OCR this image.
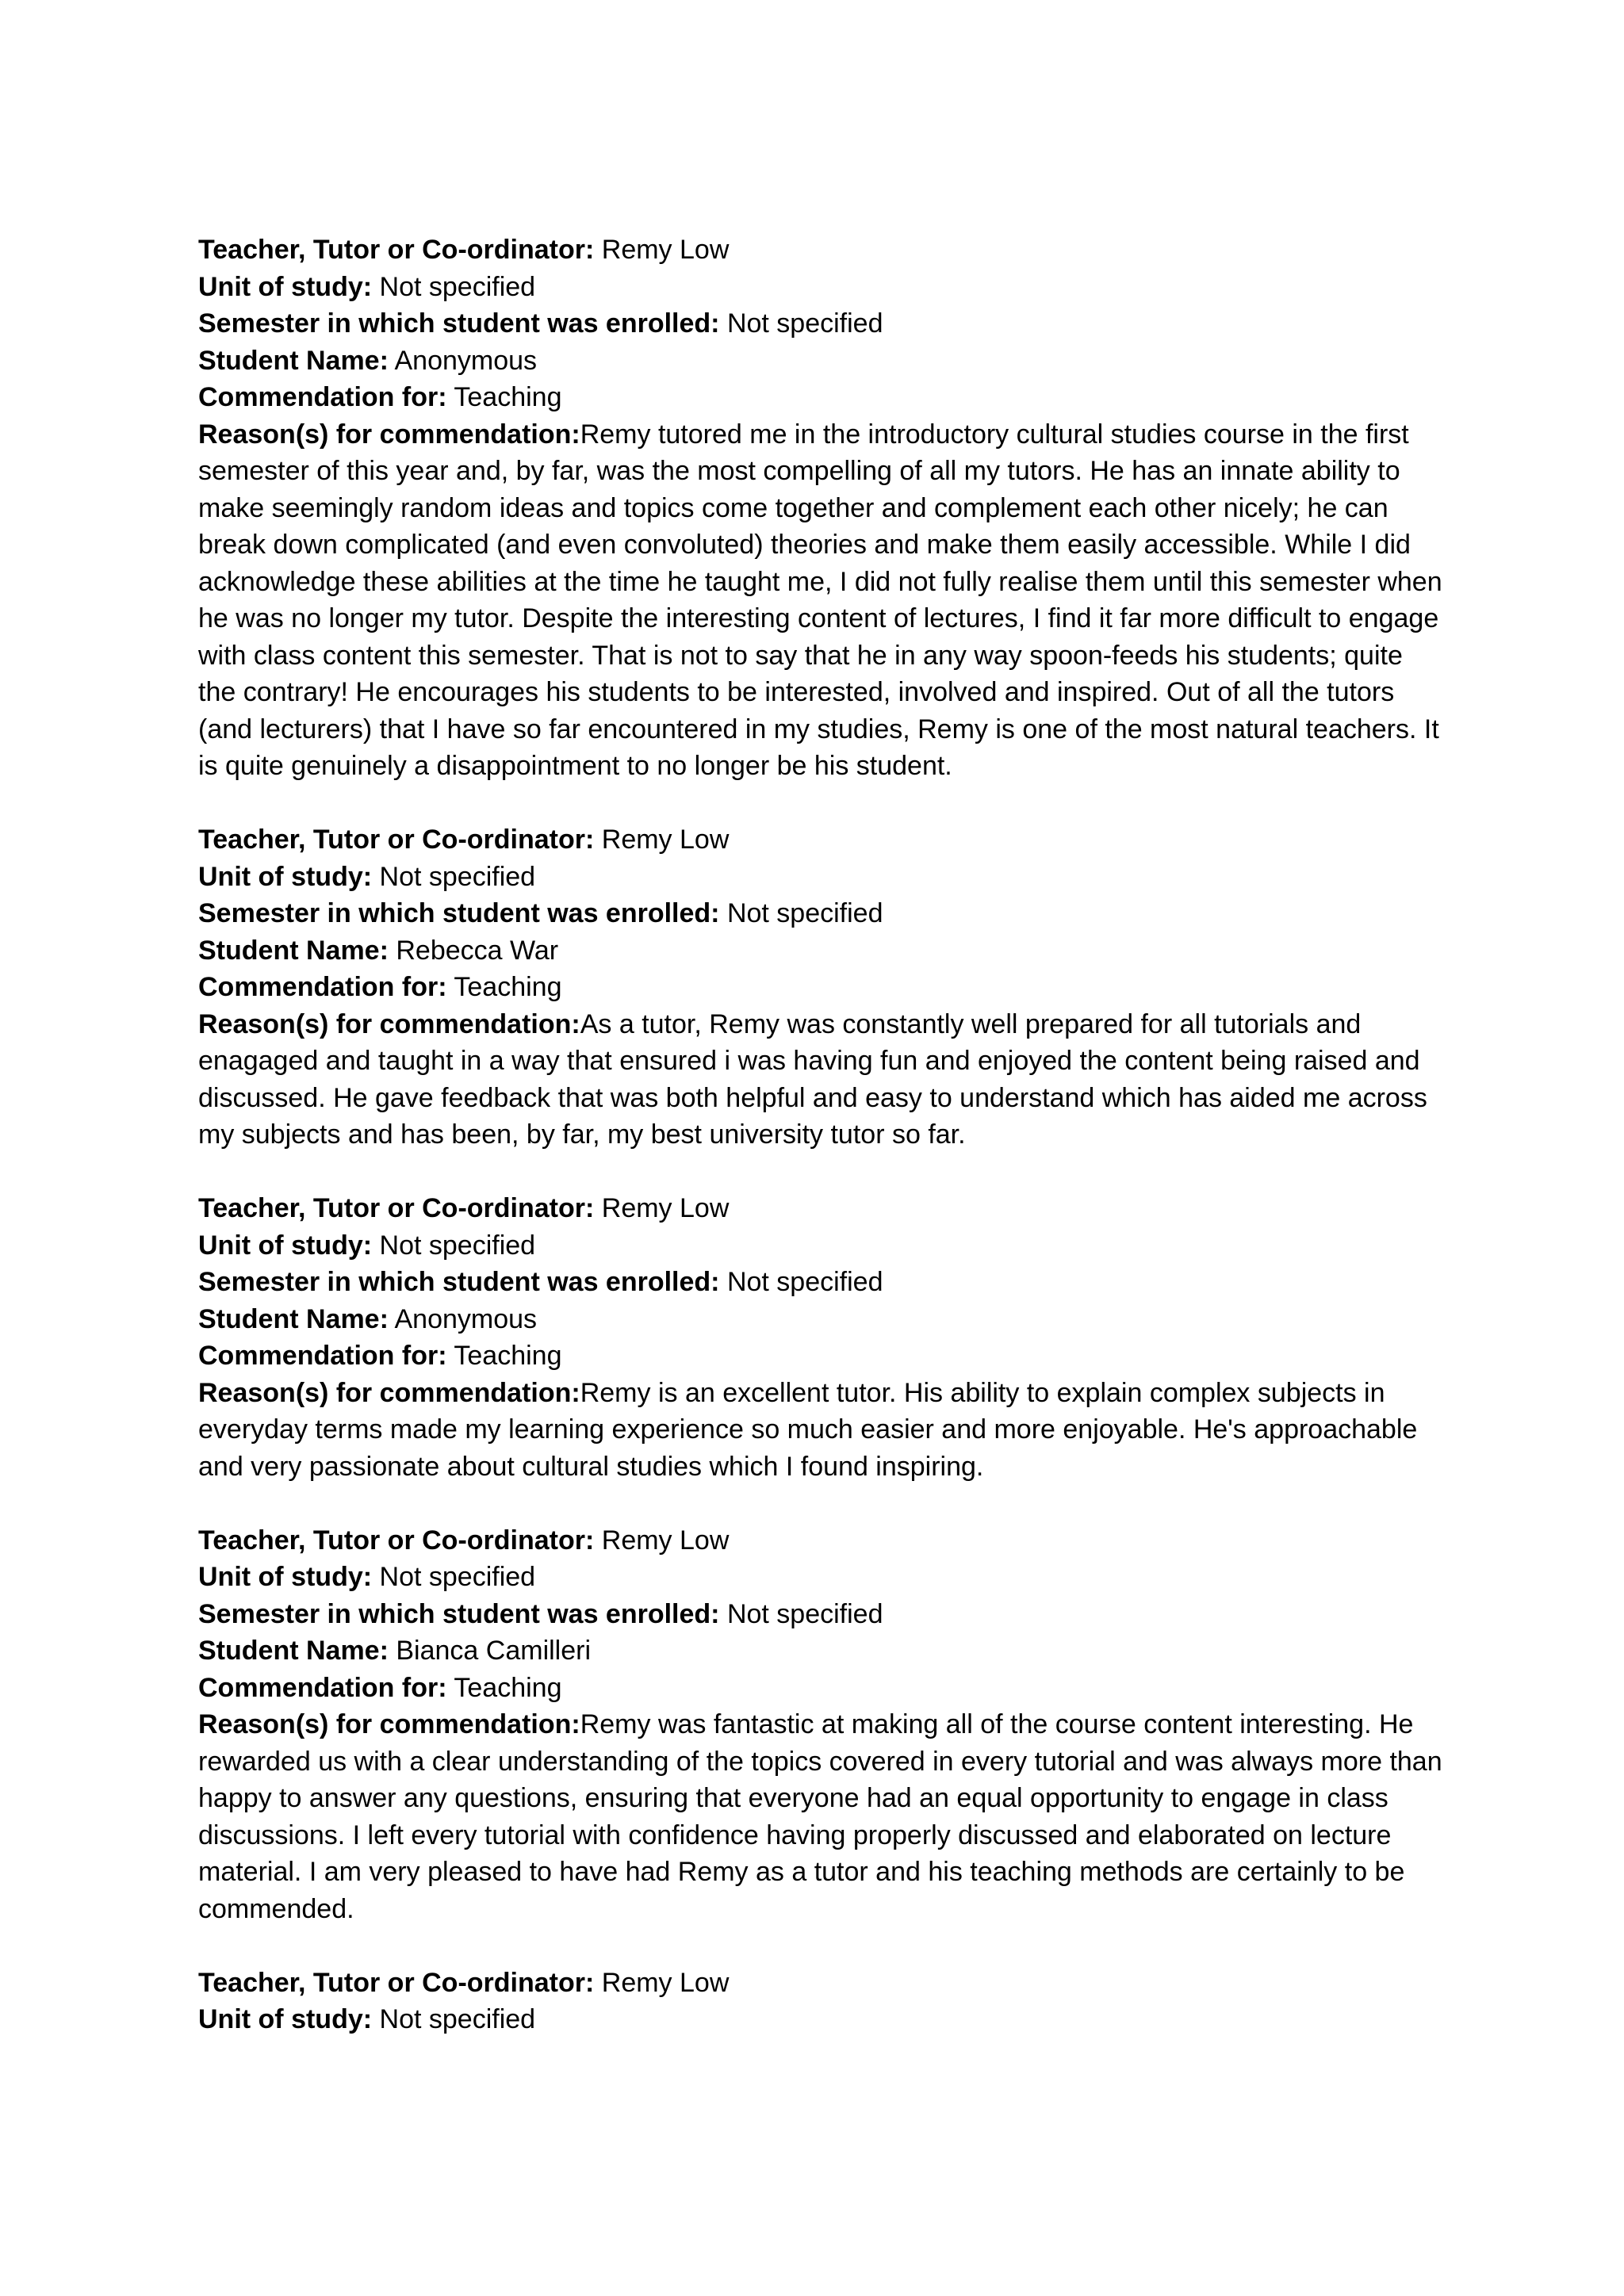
Teacher, Tutor or Co-ordinator: Remy Low
Unit of study: Not specified
Semester in which student was enrolled: Not specified
Student Name: Anonymous
Commendation for: Teaching
Reason(s) for commendation:Remy tutored me in the introductory cultural studies course in the first semester of this year and, by far, was the most compelling of all my tutors. He has an innate ability to make seemingly random ideas and topics come together and complement each other nicely; he can break down complicated (and even convoluted) theories and make them easily accessible. While I did acknowledge these abilities at the time he taught me, I did not fully realise them until this semester when he was no longer my tutor. Despite the interesting content of lectures, I find it far more difficult to engage with class content this semester. That is not to say that he in any way spoon-feeds his students; quite the contrary! He encourages his students to be interested, involved and inspired. Out of all the tutors (and lecturers) that I have so far encountered in my studies, Remy is one of the most natural teachers. It is quite genuinely a disappointment to no longer be his student.
Teacher, Tutor or Co-ordinator: Remy Low
Unit of study: Not specified
Semester in which student was enrolled: Not specified
Student Name: Rebecca War
Commendation for: Teaching
Reason(s) for commendation:As a tutor, Remy was constantly well prepared for all tutorials and enagaged and taught in a way that ensured i was having fun and enjoyed the content being raised and discussed. He gave feedback that was both helpful and easy to understand which has aided me across my subjects and has been, by far, my best university tutor so far.
Teacher, Tutor or Co-ordinator: Remy Low
Unit of study: Not specified
Semester in which student was enrolled: Not specified
Student Name: Anonymous
Commendation for: Teaching
Reason(s) for commendation:Remy is an excellent tutor. His ability to explain complex subjects in everyday terms made my learning experience so much easier and more enjoyable. He's approachable and very passionate about cultural studies which I found inspiring.
Teacher, Tutor or Co-ordinator: Remy Low
Unit of study: Not specified
Semester in which student was enrolled: Not specified
Student Name: Bianca Camilleri
Commendation for: Teaching
Reason(s) for commendation:Remy was fantastic at making all of the course content interesting. He rewarded us with a clear understanding of the topics covered in every tutorial and was always more than happy to answer any questions, ensuring that everyone had an equal opportunity to engage in class discussions. I left every tutorial with confidence having properly discussed and elaborated on lecture material. I am very pleased to have had Remy as a tutor and his teaching methods are certainly to be commended.
Teacher, Tutor or Co-ordinator: Remy Low
Unit of study: Not specified
